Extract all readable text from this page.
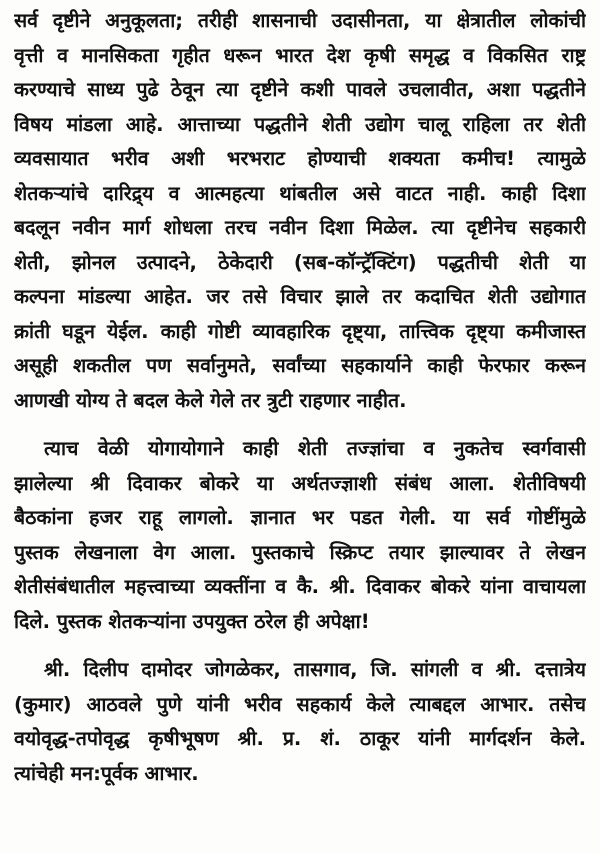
सर्व दृष्टीने अनुकूलता; तरीही शासनाची उदासीनता, या क्षेत्रातील लोकांची
वृत्ती व मानसिकता गृहीत धरून भारत देश कृषी समृद्ध व विकसित राष्ट्र
करण्याचे साध्य पुढे ठेवून त्या दृष्टीने कशी पावले उचलावीत, अशा पद्धतीने
विषय मांडला आहे. आत्ताच्या पद्धतीने शेती उद्योग चालू राहिला तर शेती
व्यवसायात भरीव अशी भरभराट होण्याची शक्यता कमीच! त्यामुळे
शेतकऱ्यांचे दारिद्र्य व आत्महत्या थांबतील असे वाटत नाही. काही दिशा
बदलून नवीन मार्ग शोधला तरच नवीन दिशा मिळेल. त्या दृष्टीनेच सहकारी
शेती, झोनल उत्पादने, ठेकेदारी (सब-कॉन्ट्रॅक्टिंग) पद्धतीची शेती या
कल्पना मांडल्या आहेत. जर तसे विचार झाले तर कदाचित शेती उद्योगात
क्रांती घडून येईल. काही गोष्टी व्यावहारिक दृष्ट्या, तात्त्विक दृष्ट्या कमीजास्त
असूही शकतील पण सर्वानुमते, सर्वांच्या सहकार्याने काही फेरफार करून
आणखी योग्य ते बदल केले गेले तर त्रुटी राहणार नाहीत.

त्याच वेळी योगायोगाने काही शेती तज्ज्ञांचा व नुकतेच स्वर्गवासी
झालेल्या श्री दिवाकर बोकरे या अर्थतज्ज्ञाशी संबंध आला. शेतीविषयी
बैठकांना हजर राहू लागलो. ज्ञानात भर पडत गेली. या सर्व गोष्टींमुळे
पुस्तक लेखनाला वेग आला. पुस्तकाचे स्क्रिप्ट तयार झाल्यावर ते लेखन
शेतीसंबंधातील महत्त्वाच्या व्यक्तींना व कै. श्री. दिवाकर बोकरे यांना वाचायला
दिले. पुस्तक शेतकऱ्यांना उपयुक्त ठरेल ही अपेक्षा!

श्री. दिलीप दामोदर जोगळेकर, तासगाव, जि. सांगली व श्री. दत्तात्रेय
(कुमार) आठवले पुणे यांनी भरीव सहकार्य केले त्याबद्दल आभार. तसेच
वयोवृद्ध-तपोवृद्ध कृषीभूषण श्री. प्र. शं. ठाकूर यांनी मार्गदर्शन केले.
त्यांचेही मन:पूर्वक आभार.
